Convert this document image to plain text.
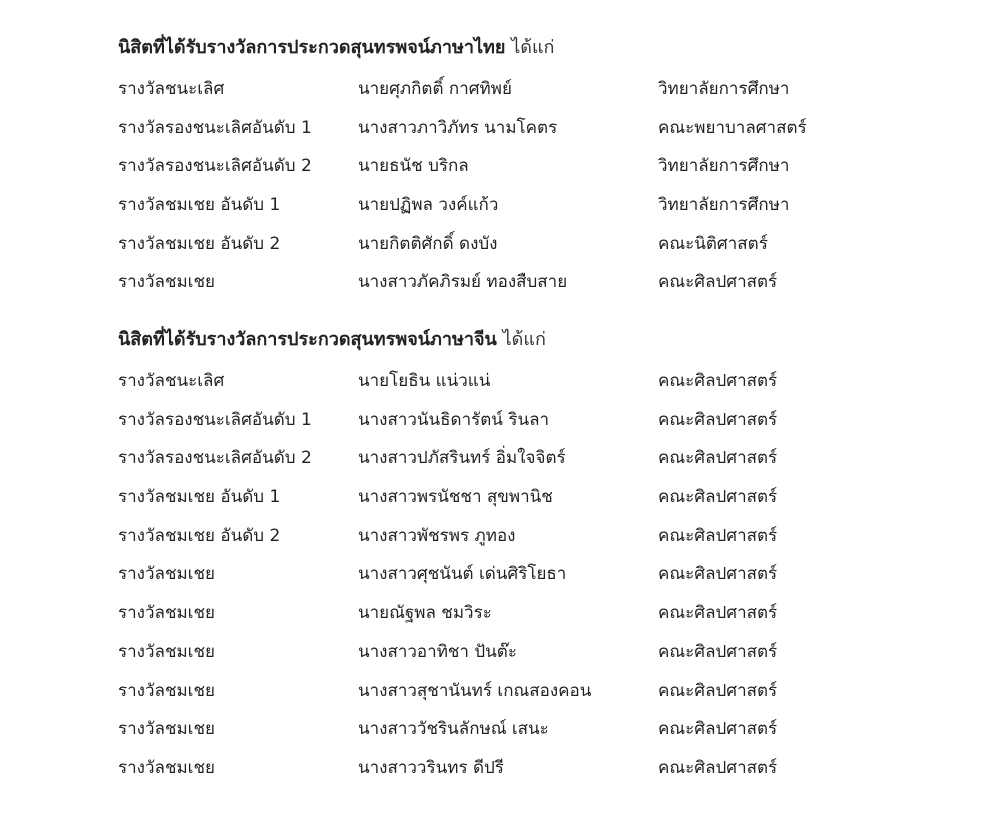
นิสิตที่ได้รับรางวัลการประกวดสุนทรพจน์ภาษาไทย ได้แก่
รางวัลชนะเลิศ	นายศุภกิตติ์ กาศทิพย์	วิทยาลัยการศึกษา
รางวัลรองชนะเลิศอันดับ 1	นางสาวภาวิภัทร นามโคตร	คณะพยาบาลศาสตร์
รางวัลรองชนะเลิศอันดับ 2	นายธนัช บริกล	วิทยาลัยการศึกษา
รางวัลชมเชย อันดับ 1	นายปฏิพล วงค์แก้ว	วิทยาลัยการศึกษา
รางวัลชมเชย อันดับ 2	นายกิตติศักดิ์ ดงบัง	คณะนิติศาสตร์
รางวัลชมเชย	นางสาวภัคภิรมย์ ทองสืบสาย	คณะศิลปศาสตร์
นิสิตที่ได้รับรางวัลการประกวดสุนทรพจน์ภาษาจีน ได้แก่
รางวัลชนะเลิศ	นายโยธิน แน่วแน่	คณะศิลปศาสตร์
รางวัลรองชนะเลิศอันดับ 1	นางสาวนันธิดารัตน์ รินลา	คณะศิลปศาสตร์
รางวัลรองชนะเลิศอันดับ 2	นางสาวปภัสรินทร์ อิ่มใจจิตร์	คณะศิลปศาสตร์
รางวัลชมเชย อันดับ 1	นางสาวพรนัชชา สุขพานิช	คณะศิลปศาสตร์
รางวัลชมเชย อันดับ 2	นางสาวพัชรพร ภูทอง	คณะศิลปศาสตร์
รางวัลชมเชย	นางสาวศุชนันต์ เด่นศิริโยธา	คณะศิลปศาสตร์
รางวัลชมเชย	นายณัฐพล ชมวิระ	คณะศิลปศาสตร์
รางวัลชมเชย	นางสาวอาทิชา ปันต๊ะ	คณะศิลปศาสตร์
รางวัลชมเชย	นางสาวสุชานันทร์ เกณสองคอน	คณะศิลปศาสตร์
รางวัลชมเชย	นางสาววัชรินลักษณ์ เสนะ	คณะศิลปศาสตร์
รางวัลชมเชย	นางสาววรินทร ดีปรี	คณะศิลปศาสตร์
